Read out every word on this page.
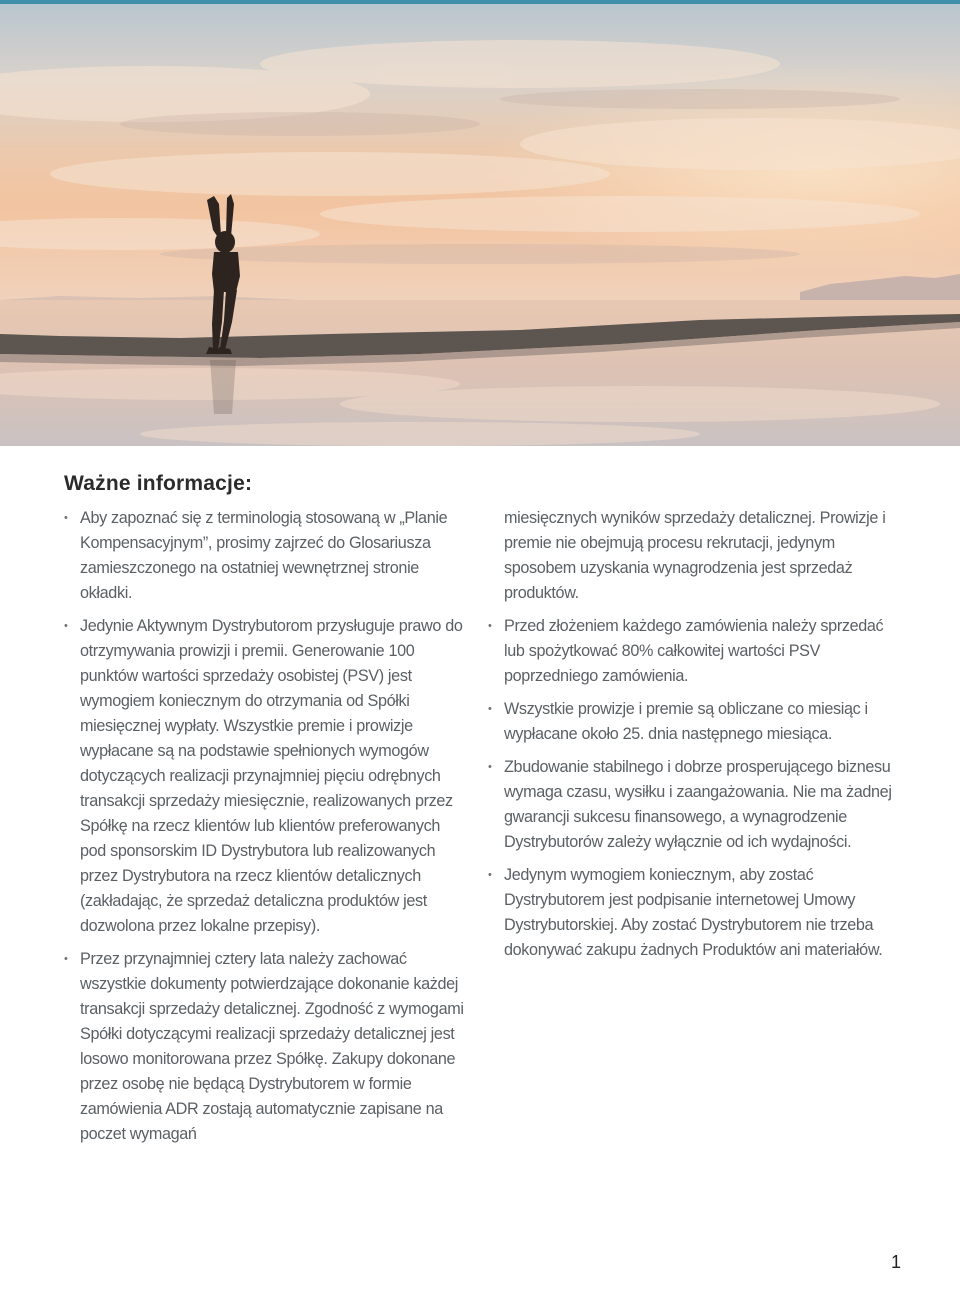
Ważne informacje:
• Aby zapoznać się z terminologią stosowaną w „Planie Kompensacyjnym”, prosimy zajrzeć do Glosariusza zamieszczonego na ostatniej wewnętrznej stronie okładki.
• Jedynie Aktywnym Dystrybutorom przysługuje prawo do otrzymywania prowizji i premii. Generowanie 100 punktów wartości sprzedaży osobistej (PSV) jest wymogiem koniecznym do otrzymania od Spółki miesięcznej wypłaty. Wszystkie premie i prowizje wypłacane są na podstawie spełnionych wymogów dotyczących realizacji przynajmniej pięciu odrębnych transakcji sprzedaży miesięcznie, realizowanych przez Spółkę na rzecz klientów lub klientów preferowanych pod sponsorskim ID Dystrybutora lub realizowanych przez Dystrybutora na rzecz klientów detalicznych (zakładając, że sprzedaż detaliczna produktów jest dozwolona przez lokalne przepisy).
• Przez przynajmniej cztery lata należy zachować wszystkie dokumenty potwierdzające dokonanie każdej transakcji sprzedaży detalicznej. Zgodność z wymogami Spółki dotyczącymi realizacji sprzedaży detalicznej jest losowo monitorowana przez Spółkę. Zakupy dokonane przez osobę nie będącą Dystrybutorem w formie zamówienia ADR zostają automatycznie zapisane na poczet wymagań

miesięcznych wyników sprzedaży detalicznej. Prowizje i premie nie obejmują procesu rekrutacji, jedynym sposobem uzyskania wynagrodzenia jest sprzedaż produktów.

• Przed złożeniem każdego zamówienia należy sprzedać lub spożytkować 80% całkowitej wartości PSV poprzedniego zamówienia.
• Wszystkie prowizje i premie są obliczane co miesiąc i wypłacane około 25. dnia następnego miesiąca.
• Zbudowanie stabilnego i dobrze prosperującego biznesu wymaga czasu, wysiłku i zaangażowania. Nie ma żadnej gwarancji sukcesu finansowego, a wynagrodzenie Dystrybutorów zależy wyłącznie od ich wydajności.
• Jedynym wymogiem koniecznym, aby zostać Dystrybutorem jest podpisanie internetowej Umowy Dystrybutorskiej. Aby zostać Dystrybutorem nie trzeba dokonywać zakupu żadnych Produktów ani materiałów.
1
